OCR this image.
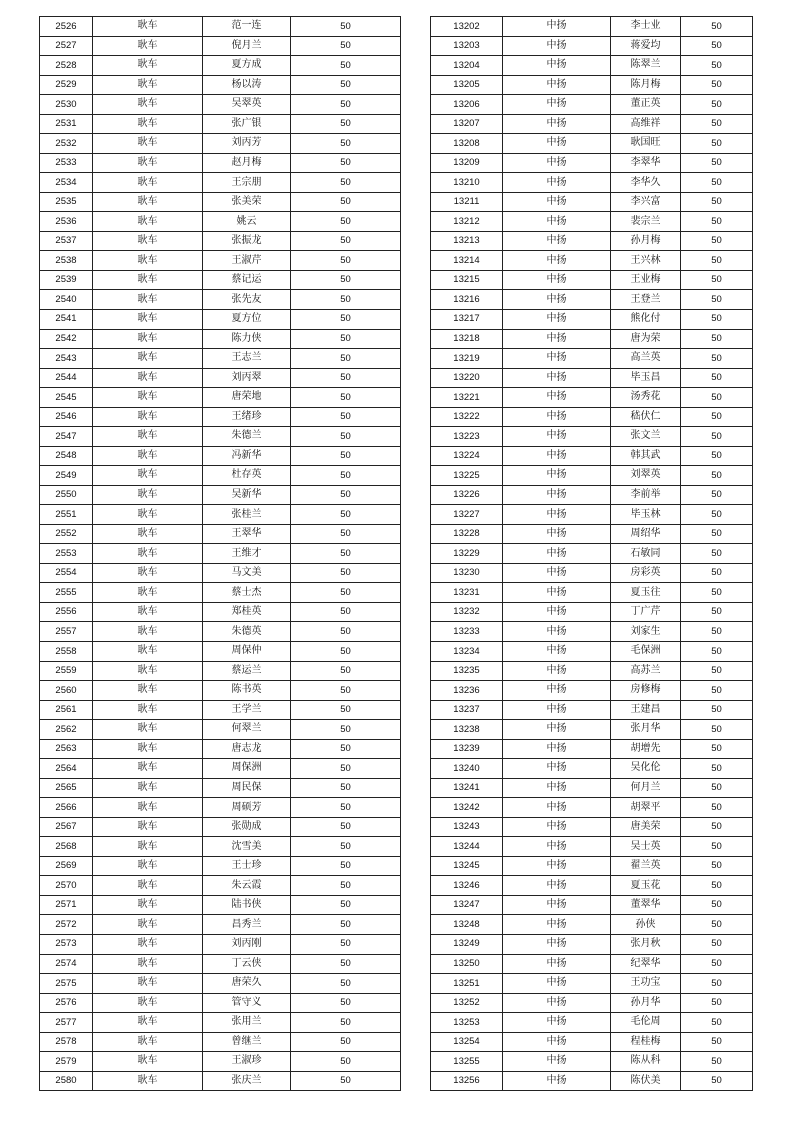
2526	耿车	范一连	50
2527	耿车	倪月兰	50
2528	耿车	夏方成	50
2529	耿车	杨以涛	50
2530	耿车	吴翠英	50
2531	耿车	张广银	50
2532	耿车	刘丙芳	50
2533	耿车	赵月梅	50
2534	耿车	王宗朋	50
2535	耿车	张美荣	50
2536	耿车	姚云	50
2537	耿车	张振龙	50
2538	耿车	王淑芹	50
2539	耿车	蔡记运	50
2540	耿车	张先友	50
2541	耿车	夏方位	50
2542	耿车	陈力侠	50
2543	耿车	王志兰	50
2544	耿车	刘丙翠	50
2545	耿车	唐荣地	50
2546	耿车	王绪珍	50
2547	耿车	朱德兰	50
2548	耿车	冯新华	50
2549	耿车	杜存英	50
2550	耿车	吴新华	50
2551	耿车	张桂兰	50
2552	耿车	王翠华	50
2553	耿车	王维才	50
2554	耿车	马文美	50
2555	耿车	蔡士杰	50
2556	耿车	郑桂英	50
2557	耿车	朱德英	50
2558	耿车	周保仲	50
2559	耿车	蔡运兰	50
2560	耿车	陈书英	50
2561	耿车	王学兰	50
2562	耿车	何翠兰	50
2563	耿车	唐志龙	50
2564	耿车	周保洲	50
2565	耿车	周民保	50
2566	耿车	周硕芳	50
2567	耿车	张勋成	50
2568	耿车	沈雪美	50
2569	耿车	王士珍	50
2570	耿车	朱云霞	50
2571	耿车	陆书侠	50
2572	耿车	昌秀兰	50
2573	耿车	刘丙刚	50
2574	耿车	丁云侠	50
2575	耿车	唐荣久	50
2576	耿车	管守义	50
2577	耿车	张用兰	50
2578	耿车	曾继兰	50
2579	耿车	王淑珍	50
2580	耿车	张庆兰	50
13202	中扬	李士业	50
13203	中扬	蒋爱均	50
13204	中扬	陈翠兰	50
13205	中扬	陈月梅	50
13206	中扬	董正英	50
13207	中扬	高维祥	50
13208	中扬	耿国旺	50
13209	中扬	李翠华	50
13210	中扬	李华久	50
13211	中扬	李兴富	50
13212	中扬	裴宗兰	50
13213	中扬	孙月梅	50
13214	中扬	王兴林	50
13215	中扬	王业梅	50
13216	中扬	王登兰	50
13217	中扬	熊化付	50
13218	中扬	唐为荣	50
13219	中扬	高兰英	50
13220	中扬	毕玉昌	50
13221	中扬	汤秀花	50
13222	中扬	嵇伏仁	50
13223	中扬	张文兰	50
13224	中扬	韩其武	50
13225	中扬	刘翠英	50
13226	中扬	李前举	50
13227	中扬	毕玉林	50
13228	中扬	周绍华	50
13229	中扬	石敏同	50
13230	中扬	房彩英	50
13231	中扬	夏玉往	50
13232	中扬	丁广芹	50
13233	中扬	刘家生	50
13234	中扬	毛保洲	50
13235	中扬	高苏兰	50
13236	中扬	房修梅	50
13237	中扬	王建昌	50
13238	中扬	张月华	50
13239	中扬	胡增先	50
13240	中扬	吴化伦	50
13241	中扬	何月兰	50
13242	中扬	胡翠平	50
13243	中扬	唐美荣	50
13244	中扬	吴士英	50
13245	中扬	翟兰英	50
13246	中扬	夏玉花	50
13247	中扬	董翠华	50
13248	中扬	孙侠	50
13249	中扬	张月秋	50
13250	中扬	纪翠华	50
13251	中扬	王功宝	50
13252	中扬	孙月华	50
13253	中扬	毛伦周	50
13254	中扬	程桂梅	50
13255	中扬	陈从科	50
13256	中扬	陈伏美	50
